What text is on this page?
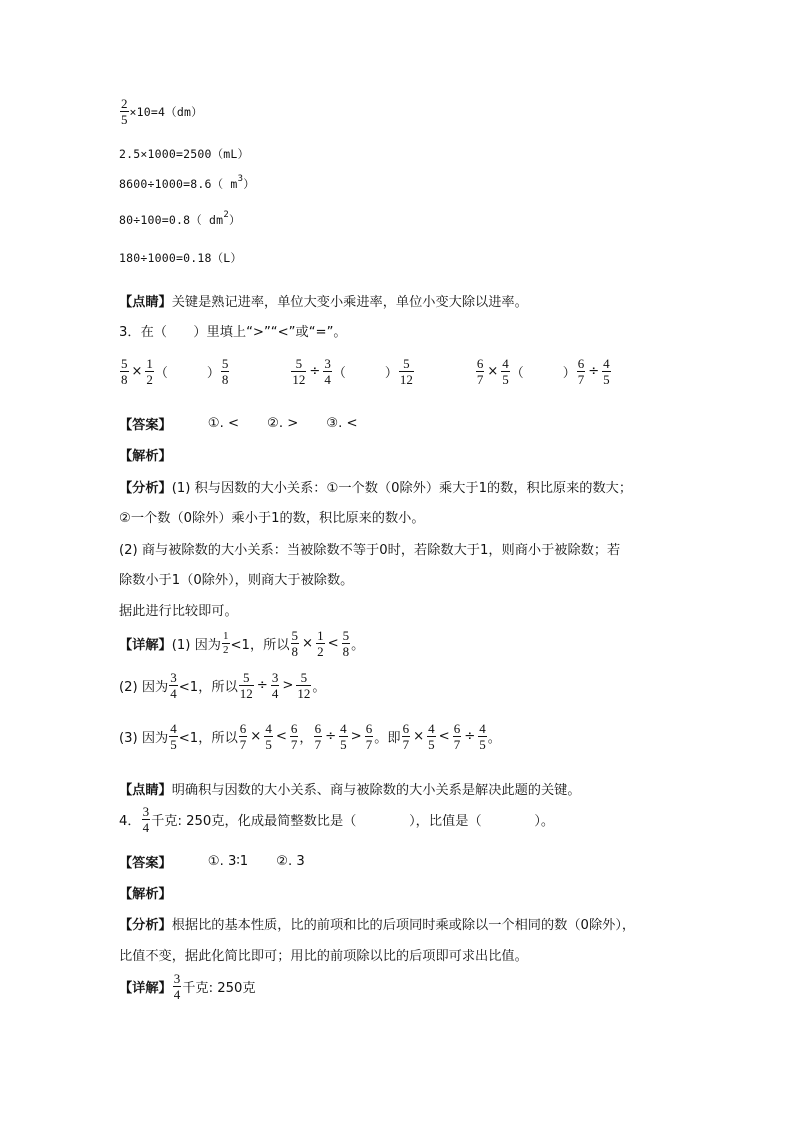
$\frac{2}{5} \times 10=4(dm)$
2.5×1000=2500（mL）
8600÷1000=8.6（ m 3 ）
80÷100=0.8（ dm 2 ）
180÷1000=0.18（L）
【点睛】 关键是熟记进率，单位大变小乘进率，单位小变大除以进率。
3．在（　　）里填上“>”“<”或“=”。
$\frac{5}{8} \times \frac{1}{2}$ （　　　） $\frac{5}{8}$	$\frac{5}{12} \div \frac{3}{4}$ （　　　） $\frac{5}{12}$	$\frac{6}{7} \times \frac{4}{5}$ （　　　） $\frac{6}{7} \div \frac{4}{5}$
【答案】	①. < ②. > ③. <
【解析】
【分析】 (1) 积与因数的大小关系：①一个数（0除外）乘大于1的数，积比原来的数大；
②一个数（0除外）乘小于1的数，积比原来的数小。
(2) 商与被除数的大小关系：当被除数不等于0时，若除数大于1，则商小于被除数；若
除数小于1（0除外），则商大于被除数。
据此进行比较即可。
【详解】 (1) 因为 $\frac{1}{2} <1$，所以 $\frac{5}{8} \times \frac{1}{2} < \frac{5}{8}$ 。
(2) 因为 $\frac{3}{4} <1$，所以 $\frac{5}{12} \div \frac{3}{4} > \frac{5}{12}$ 。
(3) 因为 $\frac{4}{5} <1$，所以 $\frac{6}{7} \times \frac{4}{5} < \frac{6}{7}$ ， $\frac{6}{7} \div \frac{4}{5} > \frac{6}{7}$ 。即 $\frac{6}{7} \times \frac{4}{5} < \frac{6}{7} \div \frac{4}{5}$ 。
【点睛】 明确积与因数的大小关系、商与被除数的大小关系是解决此题的关键。
4． $\frac{3}{4}$ 千克: 250克，化成最简整数比是（　　　　），比值是（　　　　）。
【答案】	①. 3∶1 ②. 3
【解析】
【分析】 根据比的基本性质，比的前项和比的后项同时乘或除以一个相同的数（0除外），
比值不变，据此化简比即可；用比的前项除以比的后项即可求出比值。
【详解】 $\frac{3}{4}$ 千克: 250克
